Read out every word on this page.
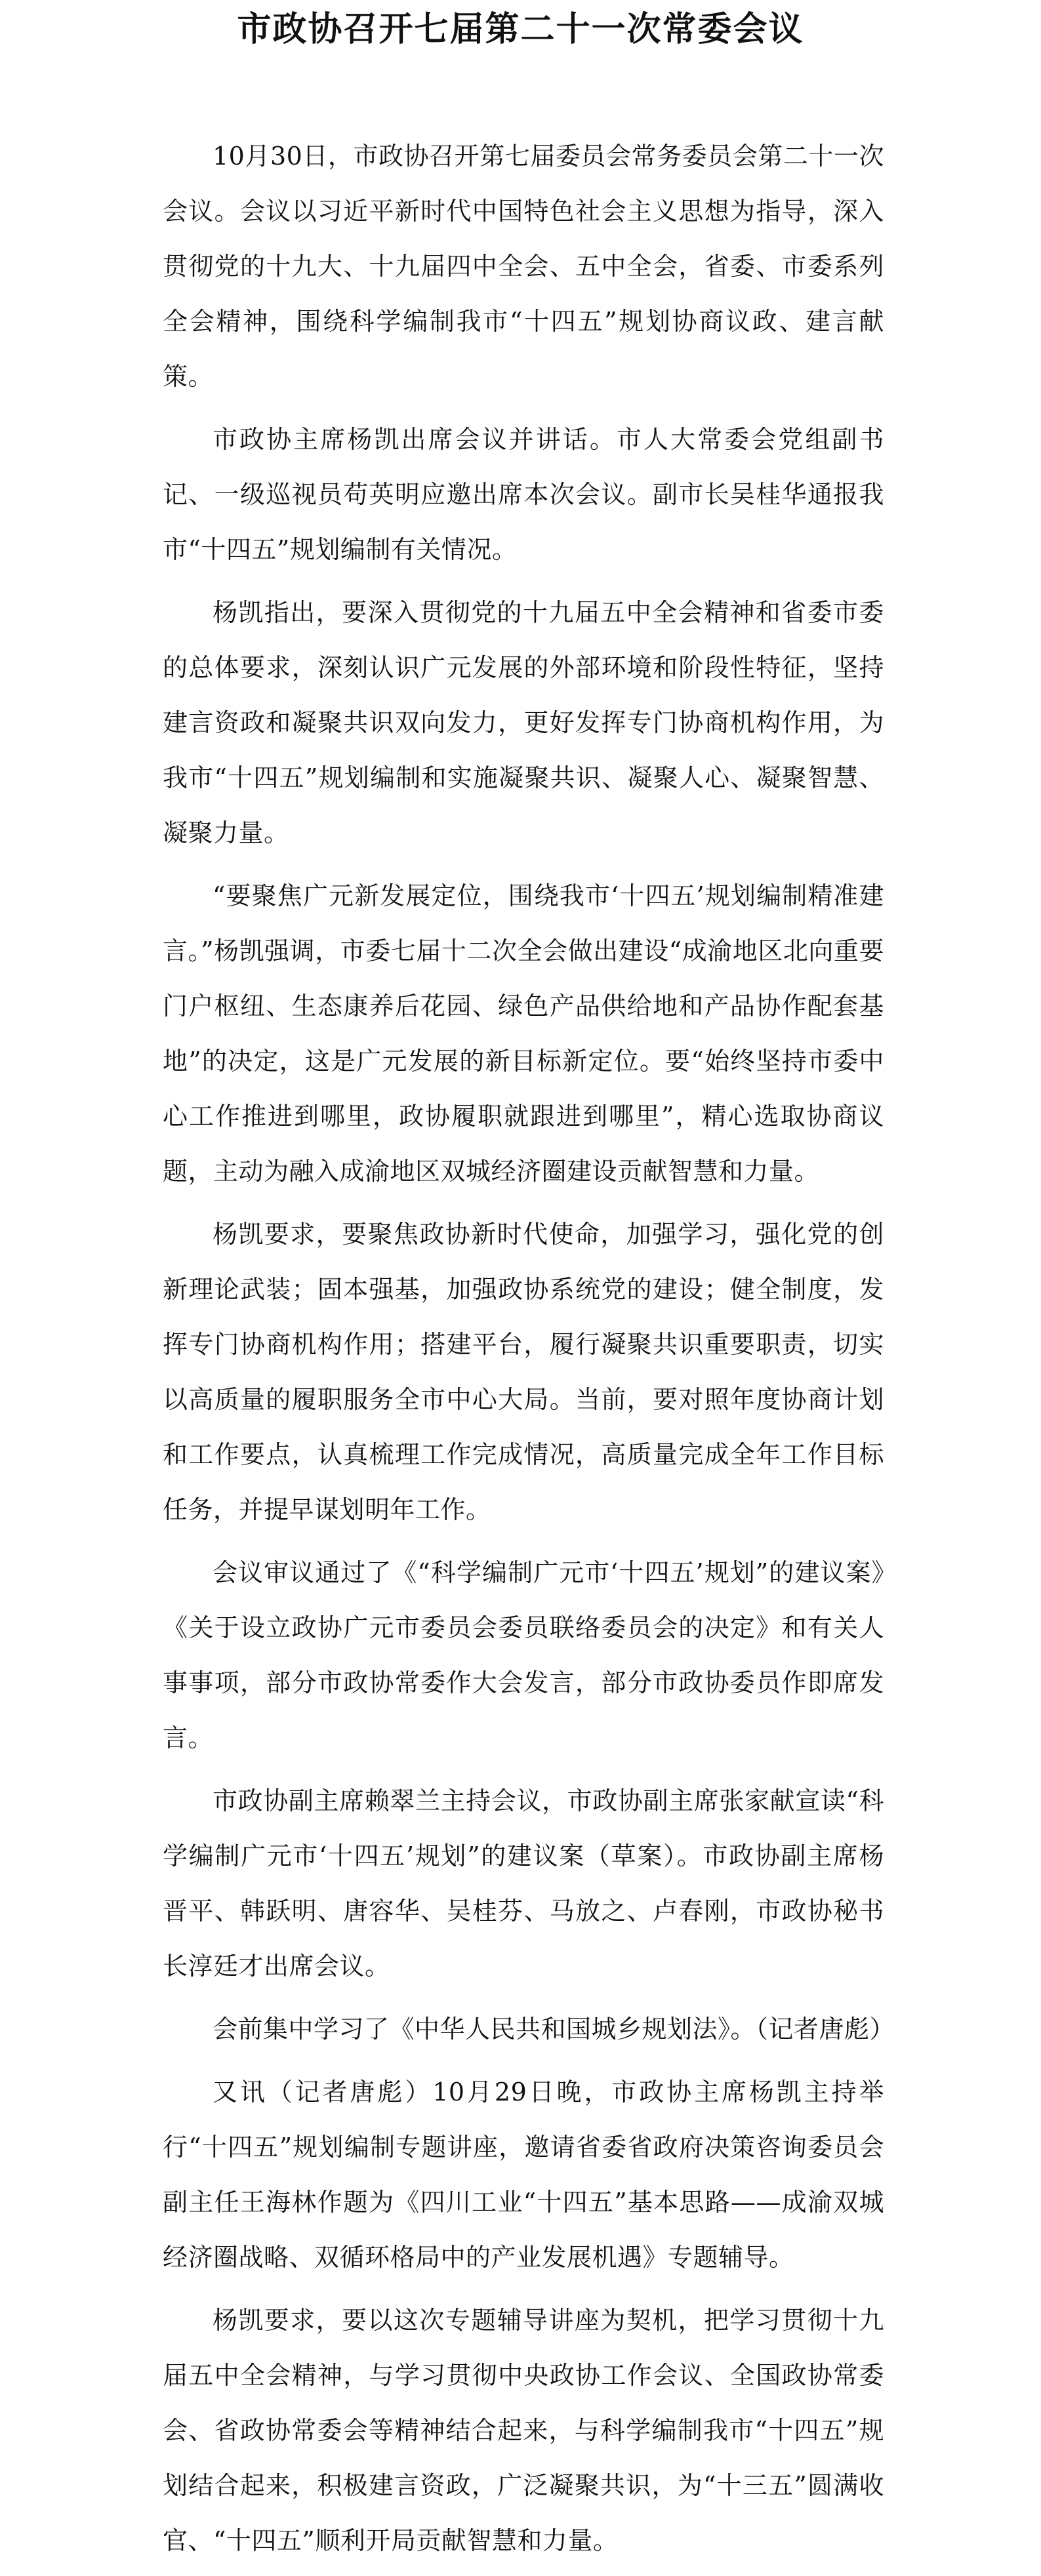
市政协召开七届第二十一次常委会议

10月30日，市政协召开第七届委员会常务委员会第二十一次会议。会议以习近平新时代中国特色社会主义思想为指导，深入贯彻党的十九大、十九届四中全会、五中全会，省委、市委系列全会精神，围绕科学编制我市“十四五”规划协商议政、建言献策。

市政协主席杨凯出席会议并讲话。市人大常委会党组副书记、一级巡视员苟英明应邀出席本次会议。副市长吴桂华通报我市“十四五”规划编制有关情况。

杨凯指出，要深入贯彻党的十九届五中全会精神和省委市委的总体要求，深刻认识广元发展的外部环境和阶段性特征，坚持建言资政和凝聚共识双向发力，更好发挥专门协商机构作用，为我市“十四五”规划编制和实施凝聚共识、凝聚人心、凝聚智慧、凝聚力量。

“要聚焦广元新发展定位，围绕我市‘十四五’规划编制精准建言。”杨凯强调，市委七届十二次全会做出建设“成渝地区北向重要门户枢纽、生态康养后花园、绿色产品供给地和产品协作配套基地”的决定，这是广元发展的新目标新定位。要“始终坚持市委中心工作推进到哪里，政协履职就跟进到哪里”，精心选取协商议题，主动为融入成渝地区双城经济圈建设贡献智慧和力量。

杨凯要求，要聚焦政协新时代使命，加强学习，强化党的创新理论武装；固本强基，加强政协系统党的建设；健全制度，发挥专门协商机构作用；搭建平台，履行凝聚共识重要职责，切实以高质量的履职服务全市中心大局。当前，要对照年度协商计划和工作要点，认真梳理工作完成情况，高质量完成全年工作目标任务，并提早谋划明年工作。

会议审议通过了《“科学编制广元市‘十四五’规划”的建议案》《关于设立政协广元市委员会委员联络委员会的决定》和有关人事事项，部分市政协常委作大会发言，部分市政协委员作即席发言。

市政协副主席赖翠兰主持会议，市政协副主席张家献宣读“科学编制广元市‘十四五’规划”的建议案（草案）。市政协副主席杨晋平、韩跃明、唐容华、吴桂芬、马放之、卢春刚，市政协秘书长淳廷才出席会议。

会前集中学习了《中华人民共和国城乡规划法》。（记者唐彪）

又讯（记者唐彪）10月29日晚，市政协主席杨凯主持举行“十四五”规划编制专题讲座，邀请省委省政府决策咨询委员会副主任王海林作题为《四川工业“十四五”基本思路——成渝双城经济圈战略、双循环格局中的产业发展机遇》专题辅导。

杨凯要求，要以这次专题辅导讲座为契机，把学习贯彻十九届五中全会精神，与学习贯彻中央政协工作会议、全国政协常委会、省政协常委会等精神结合起来，与科学编制我市“十四五”规划结合起来，积极建言资政，广泛凝聚共识，为“十三五”圆满收官、“十四五”顺利开局贡献智慧和力量。
